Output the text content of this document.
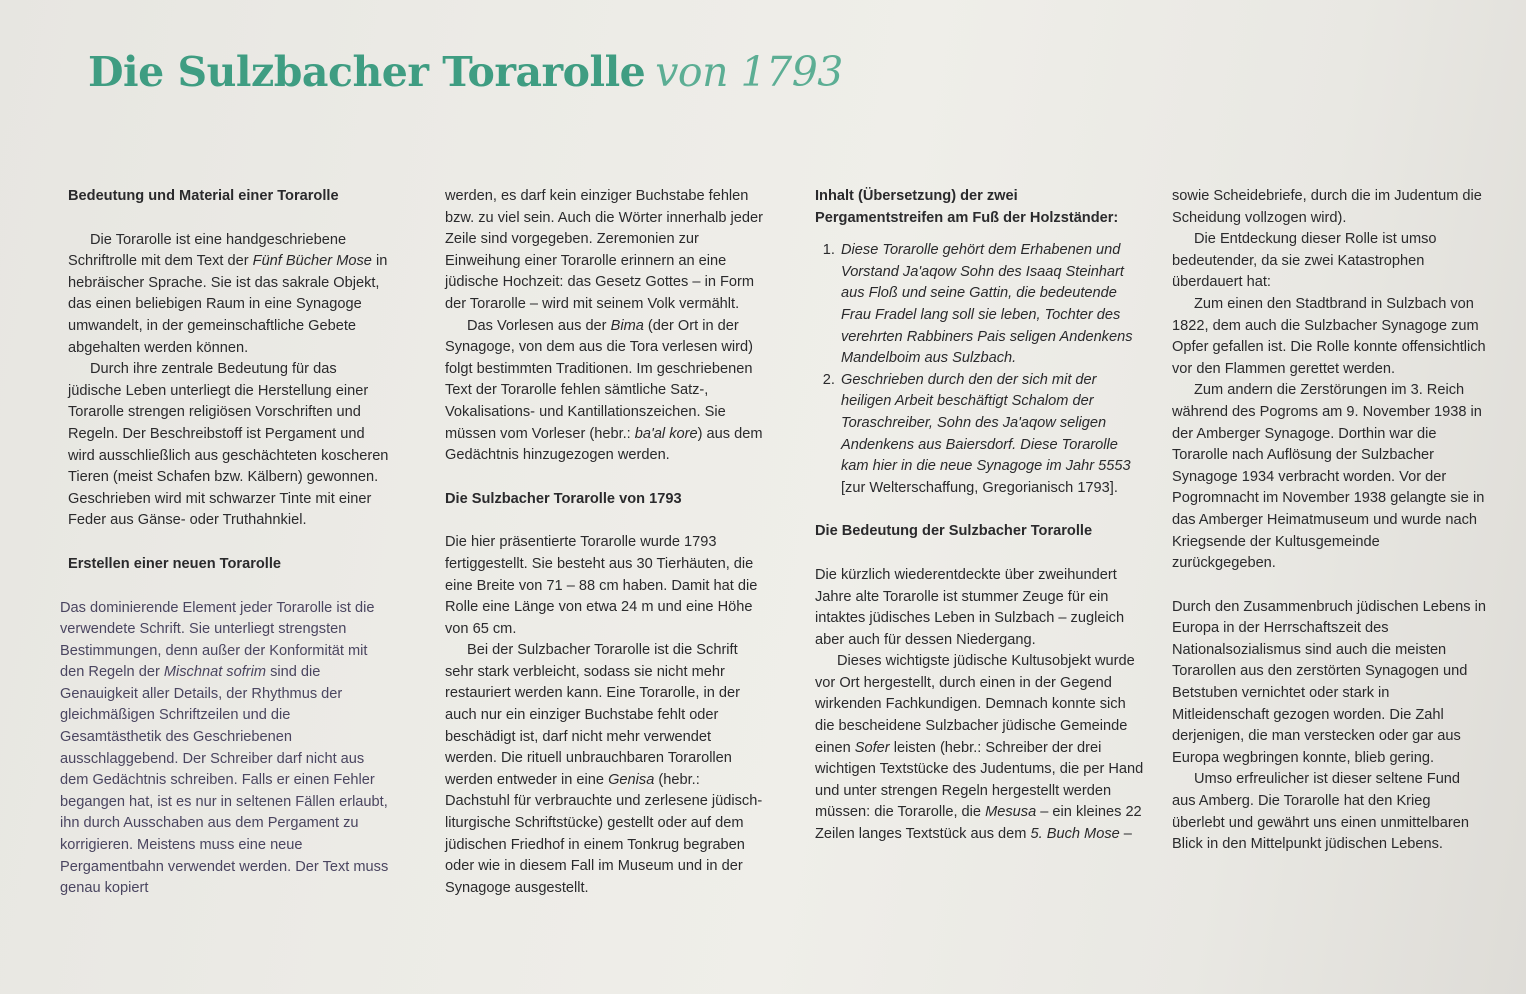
Die Sulzbacher Torarolle von 1793

Bedeutung und Material einer Torarolle

Die Torarolle ist eine handgeschriebene Schriftrolle mit dem Text der Fünf Bücher Mose in hebräischer Sprache. Sie ist das sakrale Objekt, das einen beliebigen Raum in eine Synagoge umwandelt, in der gemeinschaftliche Gebete abgehalten werden können.

Durch ihre zentrale Bedeutung für das jüdische Leben unterliegt die Herstellung einer Torarolle strengen religiösen Vorschriften und Regeln. Der Beschreibstoff ist Pergament und wird ausschließlich aus geschächteten koscheren Tieren (meist Schafen bzw. Kälbern) gewonnen. Geschrieben wird mit schwarzer Tinte mit einer Feder aus Gänse- oder Truthahnkiel.

Erstellen einer neuen Torarolle

Das dominierende Element jeder Torarolle ist die verwendete Schrift. Sie unterliegt strengsten Bestimmungen, denn außer der Konformität mit den Regeln der Mischnat sofrim sind die Genauigkeit aller Details, der Rhythmus der gleichmäßigen Schriftzeilen und die Gesamtästhetik des Geschriebenen ausschlaggebend. Der Schreiber darf nicht aus dem Gedächtnis schreiben. Falls er einen Fehler begangen hat, ist es nur in seltenen Fällen erlaubt, ihn durch Ausschaben aus dem Pergament zu korrigieren. Meistens muss eine neue Pergamentbahn verwendet werden. Der Text muss genau kopiert

werden, es darf kein einziger Buchstabe fehlen bzw. zu viel sein. Auch die Wörter innerhalb jeder Zeile sind vorgegeben. Zeremonien zur Einweihung einer Torarolle erinnern an eine jüdische Hochzeit: das Gesetz Gottes – in Form der Torarolle – wird mit seinem Volk vermählt.

Das Vorlesen aus der Bima (der Ort in der Synagoge, von dem aus die Tora verlesen wird) folgt bestimmten Traditionen. Im geschriebenen Text der Torarolle fehlen sämtliche Satz-, Vokalisations- und Kantillationszeichen. Sie müssen vom Vorleser (hebr.: ba'al kore) aus dem Gedächtnis hinzugezogen werden.

Die Sulzbacher Torarolle von 1793

Die hier präsentierte Torarolle wurde 1793 fertiggestellt. Sie besteht aus 30 Tierhäuten, die eine Breite von 71 – 88 cm haben. Damit hat die Rolle eine Länge von etwa 24 m und eine Höhe von 65 cm.

Bei der Sulzbacher Torarolle ist die Schrift sehr stark verbleicht, sodass sie nicht mehr restauriert werden kann. Eine Torarolle, in der auch nur ein einziger Buchstabe fehlt oder beschädigt ist, darf nicht mehr verwendet werden. Die rituell unbrauchbaren Torarollen werden entweder in eine Genisa (hebr.: Dachstuhl für verbrauchte und zerlesene jüdisch-liturgische Schriftstücke) gestellt oder auf dem jüdischen Friedhof in einem Tonkrug begraben oder wie in diesem Fall im Museum und in der Synagoge ausgestellt.

Inhalt (Übersetzung) der zwei Pergamentstreifen am Fuß der Holzständer:

1. Diese Torarolle gehört dem Erhabenen und Vorstand Ja'aqow Sohn des Isaaq Steinhart aus Floß und seine Gattin, die bedeutende Frau Fradel lang soll sie leben, Tochter des verehrten Rabbiners Pais seligen Andenkens Mandelboim aus Sulzbach.
2. Geschrieben durch den der sich mit der heiligen Arbeit beschäftigt Schalom der Toraschreiber, Sohn des Ja'aqow seligen Andenkens aus Baiersdorf. Diese Torarolle kam hier in die neue Synagoge im Jahr 5553 [zur Welterschaffung, Gregorianisch 1793].

Die Bedeutung der Sulzbacher Torarolle

Die kürzlich wiederentdeckte über zweihundert Jahre alte Torarolle ist stummer Zeuge für ein intaktes jüdisches Leben in Sulzbach – zugleich aber auch für dessen Niedergang.

Dieses wichtigste jüdische Kultusobjekt wurde vor Ort hergestellt, durch einen in der Gegend wirkenden Fachkundigen. Demnach konnte sich die bescheidene Sulzbacher jüdische Gemeinde einen Sofer leisten (hebr.: Schreiber der drei wichtigen Textstücke des Judentums, die per Hand und unter strengen Regeln hergestellt werden müssen: die Torarolle, die Mesusa – ein kleines 22 Zeilen langes Textstück aus dem 5. Buch Mose –

sowie Scheidebriefe, durch die im Judentum die Scheidung vollzogen wird).

Die Entdeckung dieser Rolle ist umso bedeutender, da sie zwei Katastrophen überdauert hat:

Zum einen den Stadtbrand in Sulzbach von 1822, dem auch die Sulzbacher Synagoge zum Opfer gefallen ist. Die Rolle konnte offensichtlich vor den Flammen gerettet werden.

Zum andern die Zerstörungen im 3. Reich während des Pogroms am 9. November 1938 in der Amberger Synagoge. Dorthin war die Torarolle nach Auflösung der Sulzbacher Synagoge 1934 verbracht worden. Vor der Pogromnacht im November 1938 gelangte sie in das Amberger Heimatmuseum und wurde nach Kriegsende der Kultusgemeinde zurückgegeben.

Durch den Zusammenbruch jüdischen Lebens in Europa in der Herrschaftszeit des Nationalsozialismus sind auch die meisten Torarollen aus den zerstörten Synagogen und Betstuben vernichtet oder stark in Mitleidenschaft gezogen worden. Die Zahl derjenigen, die man verstecken oder gar aus Europa wegbringen konnte, blieb gering.

Umso erfreulicher ist dieser seltene Fund aus Amberg. Die Torarolle hat den Krieg überlebt und gewährt uns einen unmittelbaren Blick in den Mittelpunkt jüdischen Lebens.
